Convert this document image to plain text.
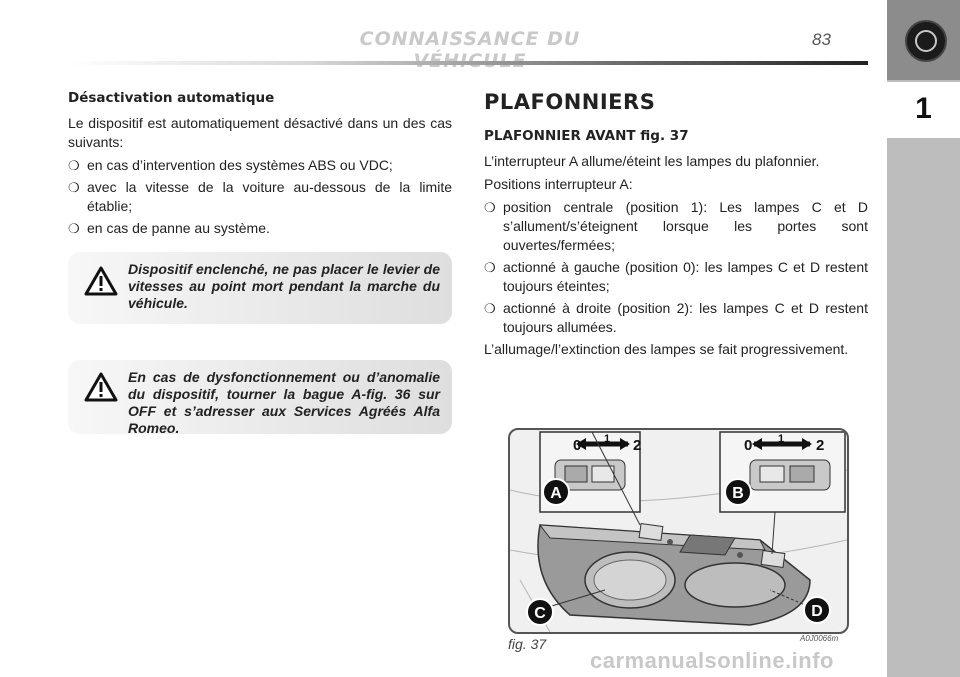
CONNAISSANCE DU	83
1
Désactivation automatique

Le dispositif est automatiquement désactivé dans un des cas suivants:

❍ en cas d’intervention des systèmes ABS ou VDC;
❍ avec la vitesse de la voiture au-dessous de la limite établie;
❍ en cas de panne au système.
Dispositif enclenché, ne pas placer le levier de vitesses au point mort pendant la marche du véhicule.
En cas de dysfonctionnement ou d’anomalie du dispositif, tourner la bague A-fig. 36 sur OFF et s’adresser aux Services Agréés Alfa Romeo.
PLAFONNIERS
PLAFONNIER AVANT fig. 37

L’interrupteur A allume/éteint les lampes du plafonnier.

Positions interrupteur A:

❍ position centrale (position 1): Les lampes C et D s’allument/s’éteignent lorsque les portes sont ouvertes/fermées;
❍ actionné à gauche (position 0): les lampes C et D restent toujours éteintes;
❍ actionné à droite (position 2): les lampes C et D restent toujours allumées.

L’allumage/l’extinction des lampes se fait progressivement.

0 1 2	0 1 2
A	B
C	D
fig. 37	A0J0066m
carmanualsonline.info
